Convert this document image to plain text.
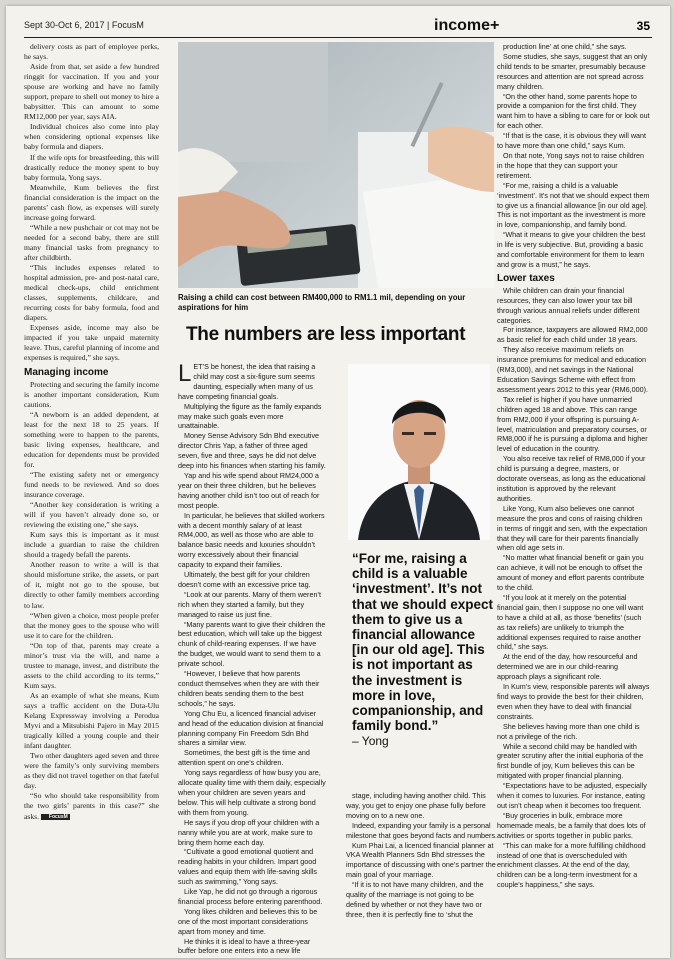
Sept 30-Oct 6, 2017 | FocusM	income+	35

delivery costs as part of employee perks, he says.

Aside from that, set aside a few hundred ringgit for vaccination. If you and your spouse are working and have no family support, prepare to shell out money to hire a babysitter. This can amount to some RM12,000 per year, says AIA.

Individual choices also come into play when considering optional expenses like baby formula and diapers.

If the wife opts for breastfeeding, this will drastically reduce the money spent to buy baby formula, Yong says.

Meanwhile, Kum believes the first financial consideration is the impact on the parents’ cash flow, as expenses will surely increase going forward.

“While a new pushchair or cot may not be needed for a second baby, there are still many financial tasks from pregnancy to after childbirth.

“This includes expenses related to hospital admission, pre- and post-natal care, medical check-ups, child enrichment classes, supplements, childcare, and recurring costs for baby formula, food and diapers.

Expenses aside, income may also be impacted if you take unpaid maternity leave. Thus, careful planning of income and expenses is required,” she says.

Managing income

Protecting and securing the family income is another important consideration, Kum cautions.

“A newborn is an added dependent, at least for the next 18 to 25 years. If something were to happen to the parents, basic living expenses, healthcare, and education for dependents must be provided for.

“The existing safety net or emergency fund needs to be reviewed. And so does insurance coverage.

“Another key consideration is writing a will if you haven’t already done so, or reviewing the existing one,” she says.

Kum says this is important as it must include a guardian to raise the children should a tragedy befall the parents.

Another reason to write a will is that should misfortune strike, the assets, or part of it, might not go to the spouse, but directly to other family members according to law.

“When given a choice, most people prefer that the money goes to the spouse who will use it to care for the children.

“On top of that, parents may create a minor’s trust via the will, and name a trustee to manage, invest, and distribute the assets to the child according to its terms,” Kum says.

As an example of what she means, Kum says a traffic accident on the Duta-Ulu Kelang Expressway involving a Perodua Myvi and a Mitsubishi Pajero in May 2015 tragically killed a young couple and their infant daughter.

Two other daughters aged seven and three were the family’s only surviving members as they did not travel together on that fateful day.

“So who should take responsibility from the two girls’ parents in this case?” she asks. FocusM

Raising a child can cost between RM400,000 to RM1.1 mil, depending on your aspirations for him
The numbers are less important

LET’S be honest, the idea that raising a child may cost a six-figure sum seems daunting, especially when many of us have competing financial goals.

Multiplying the figure as the family expands may make such goals even more unattainable.

Money Sense Advisory Sdn Bhd executive director Chris Yap, a father of three aged seven, five and three, says he did not delve deep into his finances when starting his family.

Yap and his wife spend about RM24,000 a year on their three children, but he believes having another child isn’t too out of reach for most people.

In particular, he believes that skilled workers with a decent monthly salary of at least RM4,000, as well as those who are able to balance basic needs and luxuries shouldn’t worry excessively about their financial capacity to expand their families.

Ultimately, the best gift for your children doesn’t come with an excessive price tag.

“Look at our parents. Many of them weren’t rich when they started a family, but they managed to raise us just fine.

“Many parents want to give their children the best education, which will take up the biggest chunk of child-rearing expenses. If we have the budget, we would want to send them to a private school.

“However, I believe that how parents conduct themselves when they are with their children beats sending them to the best schools,” he says.

Yong Chu Eu, a licenced financial adviser and head of the education division at financial planning company Fin Freedom Sdn Bhd shares a similar view.

Sometimes, the best gift is the time and attention spent on one’s children.

Yong says regardless of how busy you are, allocate quality time with them daily, especially when your children are seven years and below. This will help cultivate a strong bond with them from young.

He says if you drop off your children with a nanny while you are at work, make sure to bring them home each day.

“Cultivate a good emotional quotient and reading habits in your children. Impart good values and equip them with life-saving skills such as swimming,” Yong says.

Like Yap, he did not go through a rigorous financial process before entering parenthood.

Yong likes children and believes this to be one of the most important considerations apart from money and time.

He thinks it is ideal to have a three-year buffer before one enters into a new life

“For me, raising a child is a valuable ‘investment’. It’s not that we should expect them to give us a financial allowance [in our old age]. This is not important as the investment is more in love, companionship, and family bond.”
– Yong

stage, including having another child. This way, you get to enjoy one phase fully before moving on to a new one.

Indeed, expanding your family is a personal milestone that goes beyond facts and numbers.

Kum Phai Lai, a licenced financial planner at VKA Wealth Planners Sdn Bhd stresses the importance of discussing with one’s partner the main goal of your marriage.

“If it is to not have many children, and the quality of the marriage is not going to be defined by whether or not they have two or three, then it is perfectly fine to ‘shut the

production line’ at one child,” she says.

Some studies, she says, suggest that an only child tends to be smarter, presumably because resources and attention are not spread across many children.

“On the other hand, some parents hope to provide a companion for the first child. They want him to have a sibling to care for or look out for each other.

“If that is the case, it is obvious they will want to have more than one child,” says Kum.

On that note, Yong says not to raise children in the hope that they can support your retirement.

“For me, raising a child is a valuable ‘investment’. It’s not that we should expect them to give us a financial allowance [in our old age]. This is not important as the investment is more in love, companionship, and family bond.

“What it means to give your children the best in life is very subjective. But, providing a basic and comfortable environment for them to learn and grow is a must,” he says.

Lower taxes

While children can drain your financial resources, they can also lower your tax bill through various annual reliefs under different categories.

For instance, taxpayers are allowed RM2,000 as basic relief for each child under 18 years.

They also receive maximum reliefs on insurance premiums for medical and education (RM3,000), and net savings in the National Education Savings Scheme with effect from assessment years 2012 to this year (RM6,000).

Tax relief is higher if you have unmarried children aged 18 and above. This can range from RM2,000 if your offspring is pursuing A-level, matriculation and preparatory courses, or RM8,000 if he is pursuing a diploma and higher level of education in the country.

You also receive tax relief of RM8,000 if your child is pursuing a degree, masters, or doctorate overseas, as long as the educational institution is approved by the relevant authorities.

Like Yong, Kum also believes one cannot measure the pros and cons of raising children in terms of ringgit and sen, with the expectation that they will care for their parents financially when old age sets in.

“No matter what financial benefit or gain you can achieve, it will not be enough to offset the amount of money and effort parents contribute to the child.

“If you look at it merely on the potential financial gain, then I suppose no one will want to have a child at all, as those ‘benefits’ (such as tax reliefs) are unlikely to triumph the additional expenses required to raise another child,” she says.

At the end of the day, how resourceful and determined we are in our child-rearing approach plays a significant role.

In Kum’s view, responsible parents will always find ways to provide the best for their children, even when they have to deal with financial constraints.

She believes having more than one child is not a privilege of the rich.

While a second child may be handled with greater scrutiny after the initial euphoria of the first bundle of joy, Kum believes this can be mitigated with proper financial planning.

“Expectations have to be adjusted, especially when it comes to luxuries. For instance, eating out isn’t cheap when it becomes too frequent.

“Buy groceries in bulk, embrace more homemade meals, be a family that does lots of activities or sports together in public parks.

“This can make for a more fulfilling childhood instead of one that is overscheduled with enrichment classes. At the end of the day, children can be a long-term investment for a couple’s happiness,” she says.
